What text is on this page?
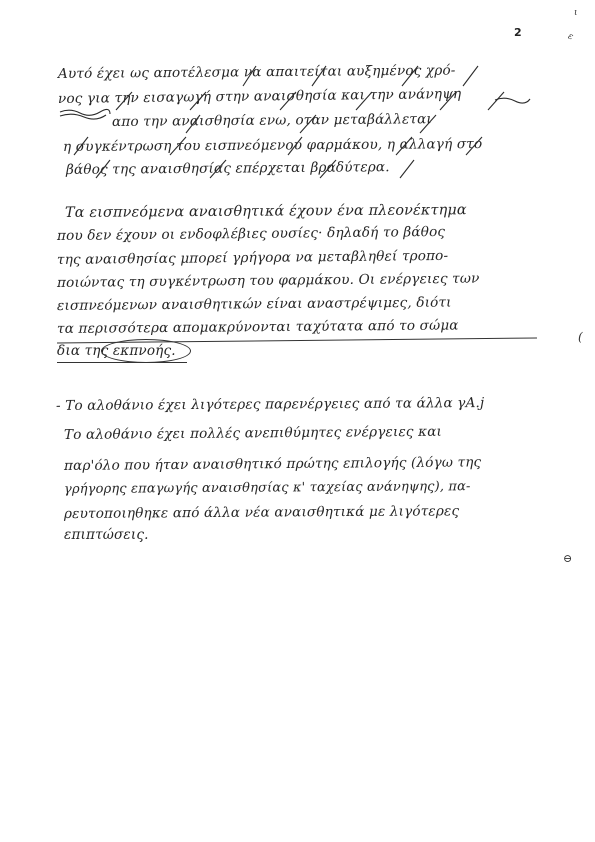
2
ι
ε
(
⊖

Αυτό έχει ως αποτέλεσμα να απαιτείται αυξημένος χρό-

νος για την εισαγωγή στην αναισθησία και την ανάνηψη

απο την αναισθησία ενω, οταν μεταβάλλεται

η συγκέντρωση του εισπνεόμενου φαρμάκου, η αλλαγή στο

βάθος της αναισθησίας επέρχεται βραδύτερα.

Τα εισπνεόμενα αναισθητικά έχουν ένα πλεονέκτημα

που δεν έχουν οι ενδοφλέβιες ουσίες· δηλαδή το βάθος

της αναισθησίας μπορεί γρήγορα να μεταβληθεί τροπο-

ποιώντας τη συγκέντρωση του φαρμάκου. Οι ενέργειες των

εισπνεόμενων αναισθητικών είναι αναστρέψιμες, διότι

τα περισσότερα απομακρύνονται ταχύτατα από το σώμα

δια της εκπνοής.

- Το αλοθάνιο έχει λιγότερες παρενέργειες από τα άλλα γΑ.j

Το αλοθάνιο έχει πολλές ανεπιθύμητες ενέργειες και

παρ'όλο που ήταν αναισθητικό πρώτης επιλογής (λόγω της

γρήγορης επαγωγής αναισθησίας κ' ταχείας ανάνηψης), πα-

ρευτοποιηθηκε από άλλα νέα αναισθητικά με λιγότερες

επιπτώσεις.
